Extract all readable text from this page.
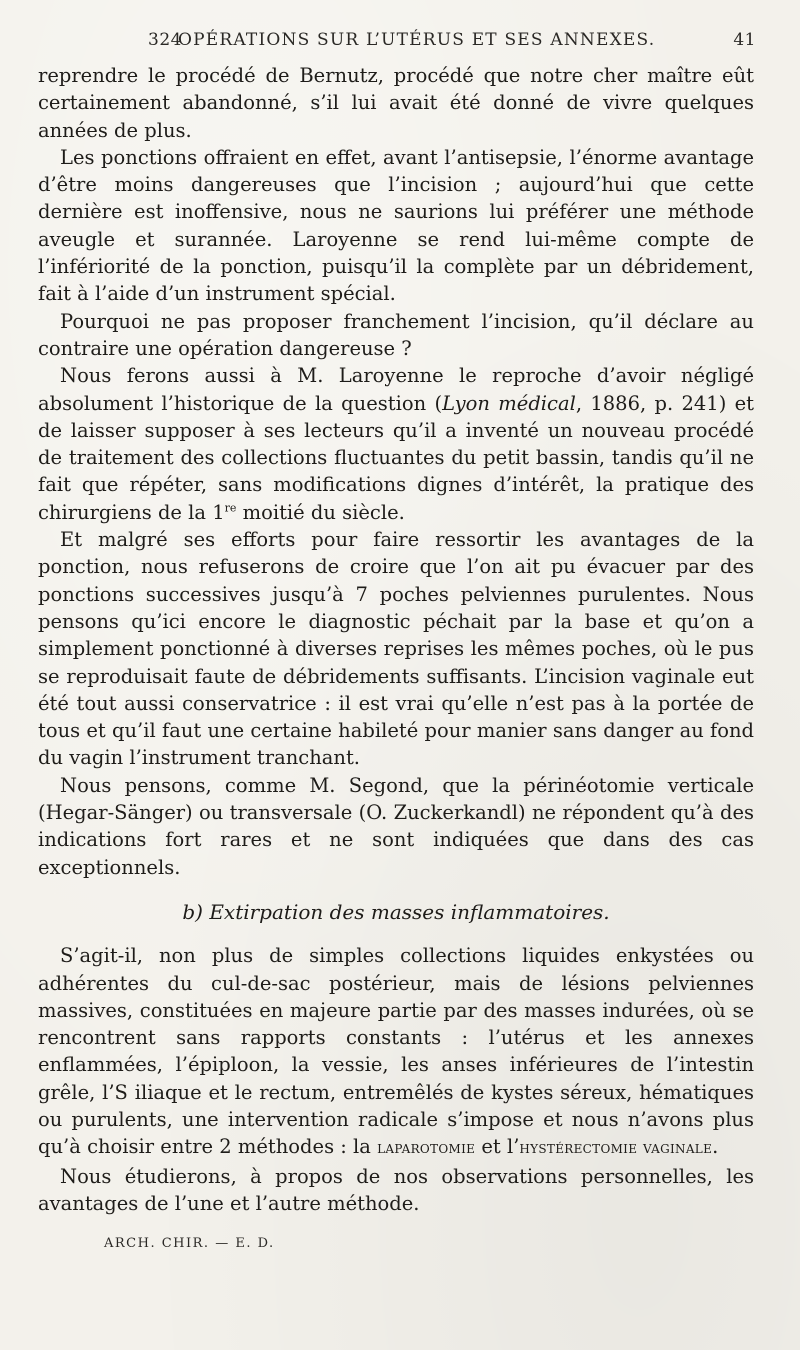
324
OPÉRATIONS SUR L’UTÉRUS ET SES ANNEXES.	41

reprendre le procédé de Bernutz, procédé que notre cher maître eût certainement abandonné, s’il lui avait été donné de vivre quelques années de plus.

Les ponctions offraient en effet, avant l’antisepsie, l’énorme avantage d’être moins dangereuses que l’incision ; aujourd’hui que cette dernière est inoffensive, nous ne saurions lui préférer une méthode aveugle et surannée. Laroyenne se rend lui-même compte de l’infériorité de la ponction, puisqu’il la complète par un débridement, fait à l’aide d’un instrument spécial.

Pourquoi ne pas proposer franchement l’incision, qu’il déclare au contraire une opération dangereuse ?

Nous ferons aussi à M. Laroyenne le reproche d’avoir négligé absolument l’historique de la question (Lyon médical, 1886, p. 241) et de laisser supposer à ses lecteurs qu’il a inventé un nouveau procédé de traitement des collections fluctuantes du petit bassin, tandis qu’il ne fait que répéter, sans modifications dignes d’intérêt, la pratique des chirurgiens de la 1re moitié du siècle.

Et malgré ses efforts pour faire ressortir les avantages de la ponction, nous refuserons de croire que l’on ait pu évacuer par des ponctions successives jusqu’à 7 poches pelviennes purulentes. Nous pensons qu’ici encore le diagnostic péchait par la base et qu’on a simplement ponctionné à diverses reprises les mêmes poches, où le pus se reproduisait faute de débridements suffisants. L’incision vaginale eut été tout aussi conservatrice : il est vrai qu’elle n’est pas à la portée de tous et qu’il faut une certaine habileté pour manier sans danger au fond du vagin l’instrument tranchant.

Nous pensons, comme M. Segond, que la périnéotomie verticale (Hegar-Sänger) ou transversale (O. Zuckerkandl) ne répondent qu’à des indications fort rares et ne sont indiquées que dans des cas exceptionnels.

b) Extirpation des masses inflammatoires.

S’agit-il, non plus de simples collections liquides enkystées ou adhérentes du cul-de-sac postérieur, mais de lésions pelviennes massives, constituées en majeure partie par des masses indurées, où se rencontrent sans rapports constants : l’utérus et les annexes enflammées, l’épiploon, la vessie, les anses inférieures de l’intestin grêle, l’S iliaque et le rectum, entremêlés de kystes séreux, hématiques ou purulents, une intervention radicale s’impose et nous n’avons plus qu’à choisir entre 2 méthodes : la laparotomie et l’hystérectomie vaginale.

Nous étudierons, à propos de nos observations personnelles, les avantages de l’une et l’autre méthode.

ARCH. CHIR. — E. D.
